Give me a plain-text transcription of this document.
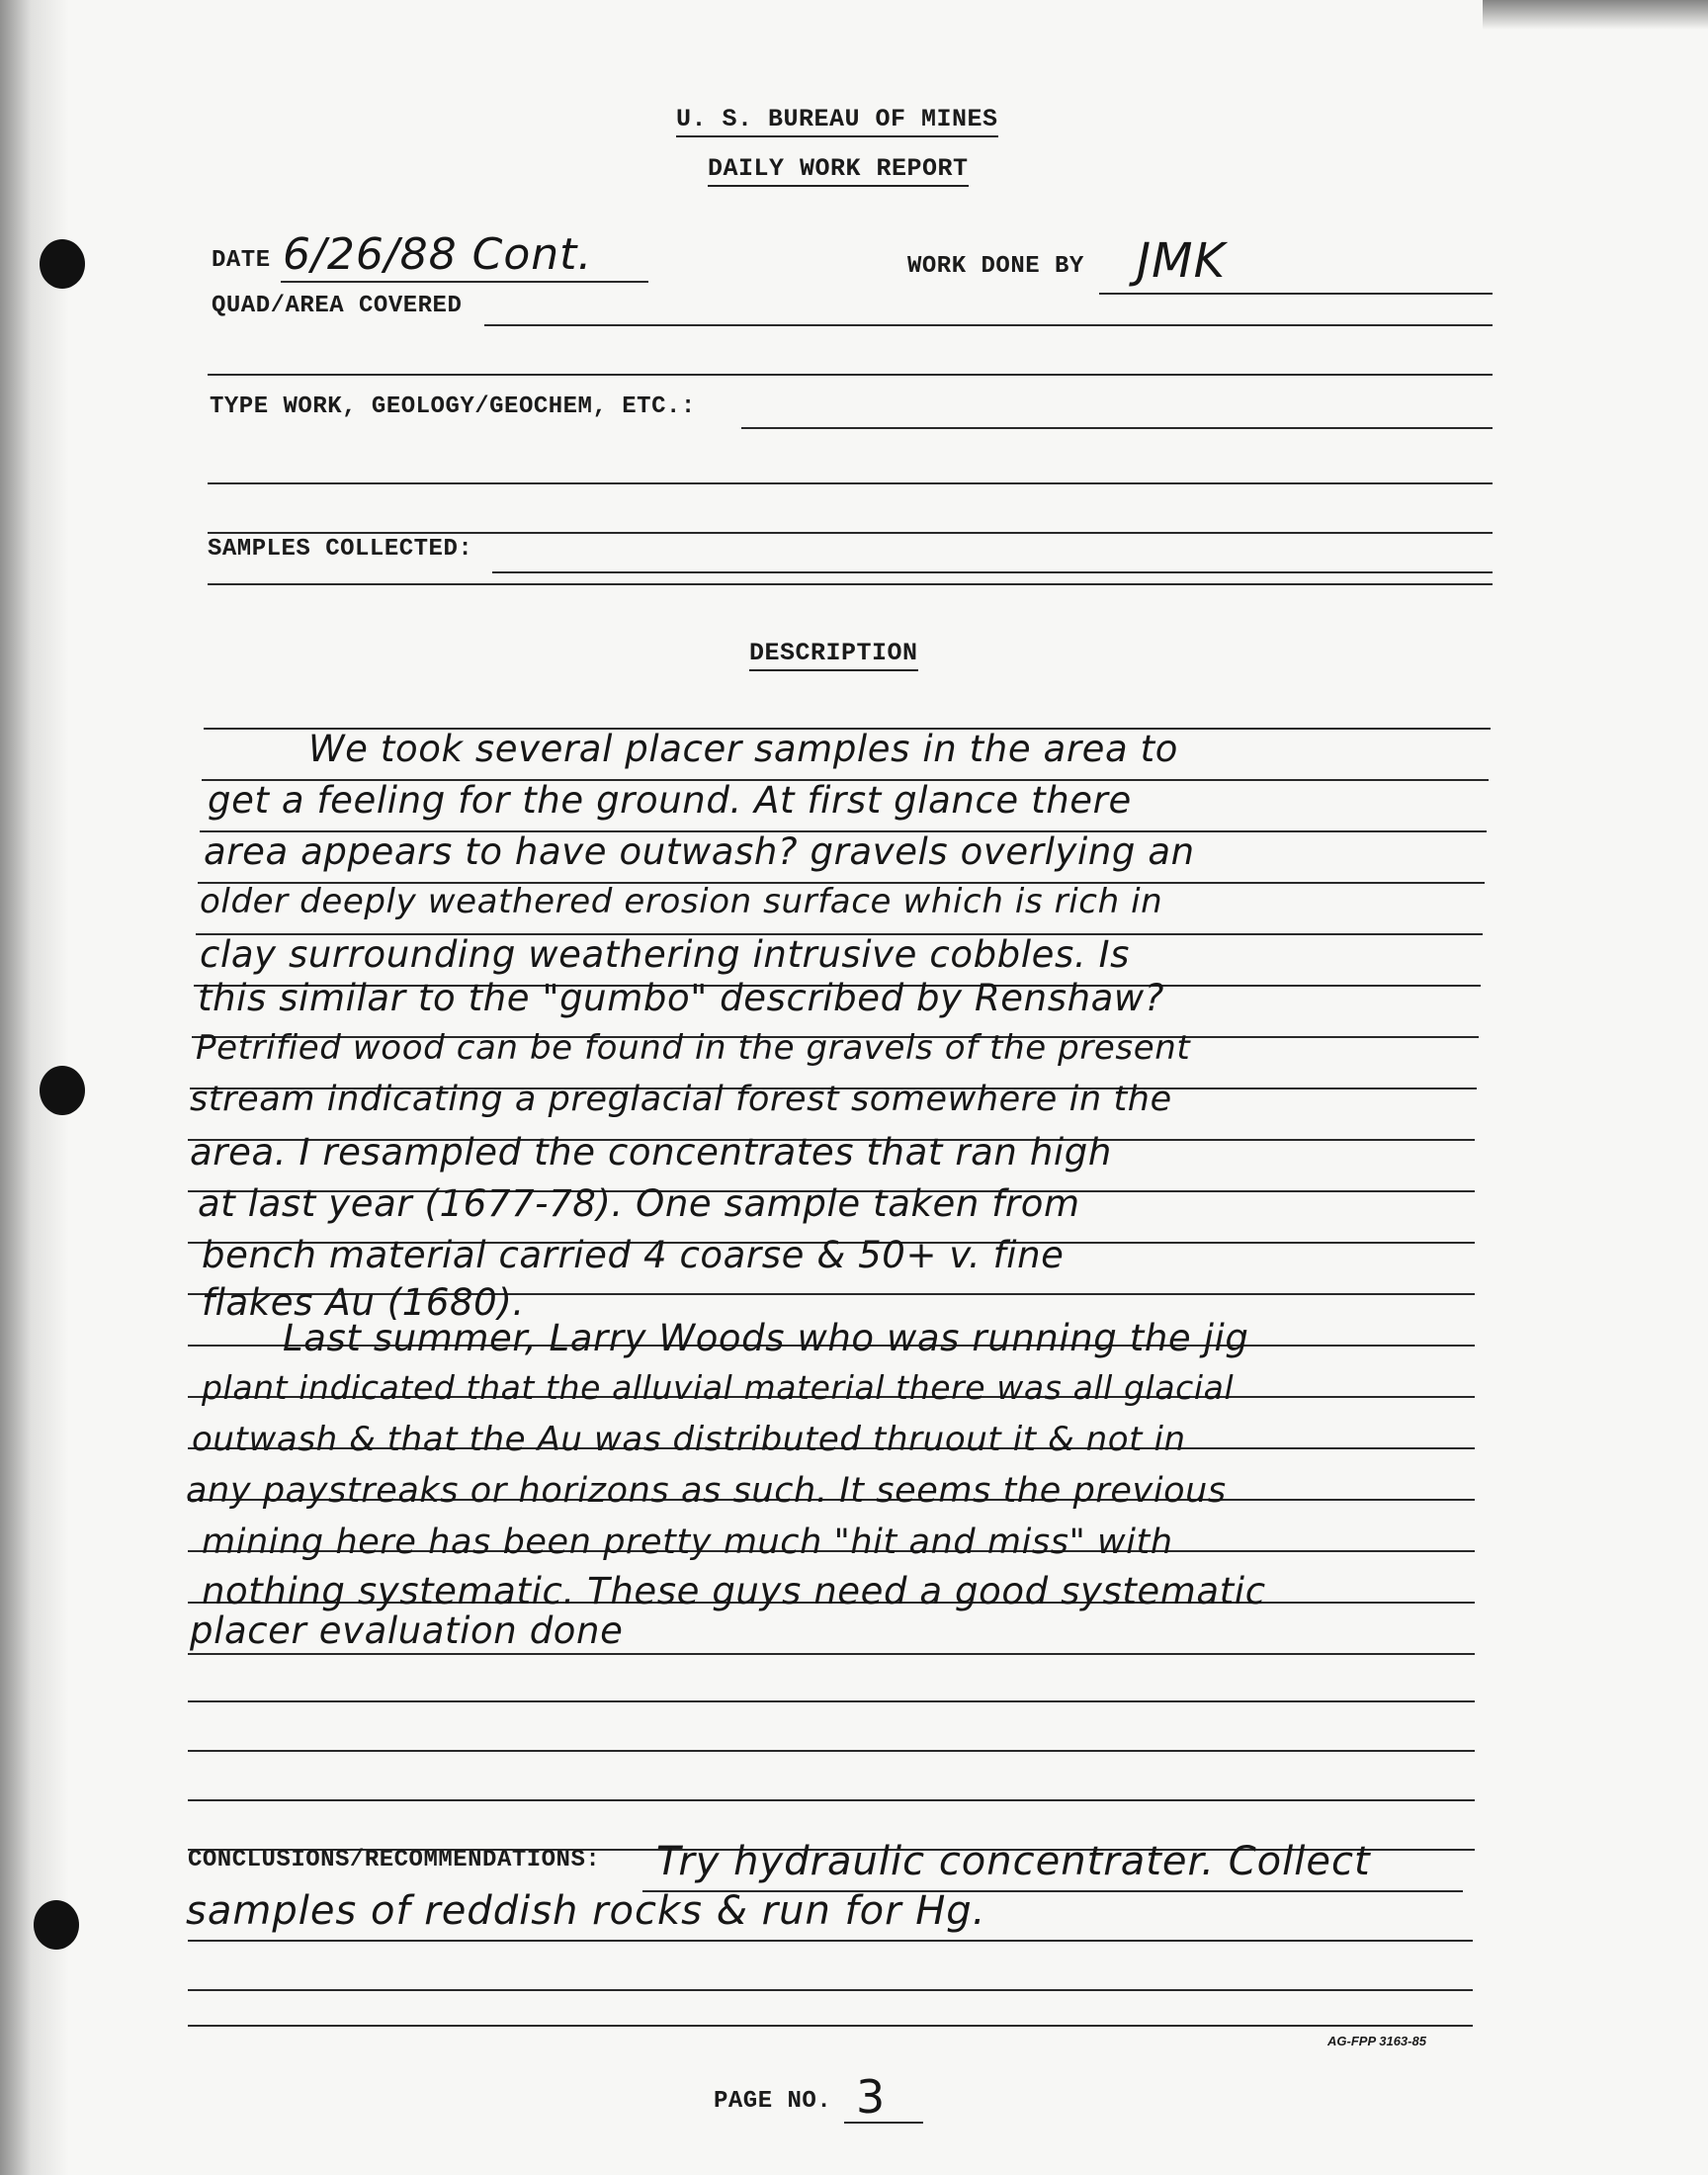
U. S. BUREAU OF MINES
DAILY WORK REPORT
DATE 6/26/88 Cont.	WORK DONE BY JMK
QUAD/AREA COVERED
TYPE WORK, GEOLOGY/GEOCHEM, ETC.:
SAMPLES COLLECTED:
DESCRIPTION
We took several placer samples in the area to
get a feeling for the ground. At first glance there
area appears to have outwash? gravels overlying an
older deeply weathered erosion surface which is rich in
clay surrounding weathering intrusive cobbles. Is
this similar to the "gumbo" described by Renshaw?
Petrified wood can be found in the gravels of the present
stream indicating a preglacial forest somewhere in the
area. I resampled the concentrates that ran high
at last year (1677-78). One sample taken from
bench material carried 4 coarse & 50+ v. fine
flakes Au (1680).
Last summer, Larry Woods who was running the jig
plant indicated that the alluvial material there was all glacial
outwash & that the Au was distributed thruout it & not in
any paystreaks or horizons as such. It seems the previous
mining here has been pretty much "hit and miss" with
nothing systematic. These guys need a good systematic
placer evaluation done
CONCLUSIONS/RECOMMENDATIONS: Try hydraulic concentrater. Collect
samples of reddish rocks & run for Hg.
AG-FPP 3163-85
PAGE NO. 3
